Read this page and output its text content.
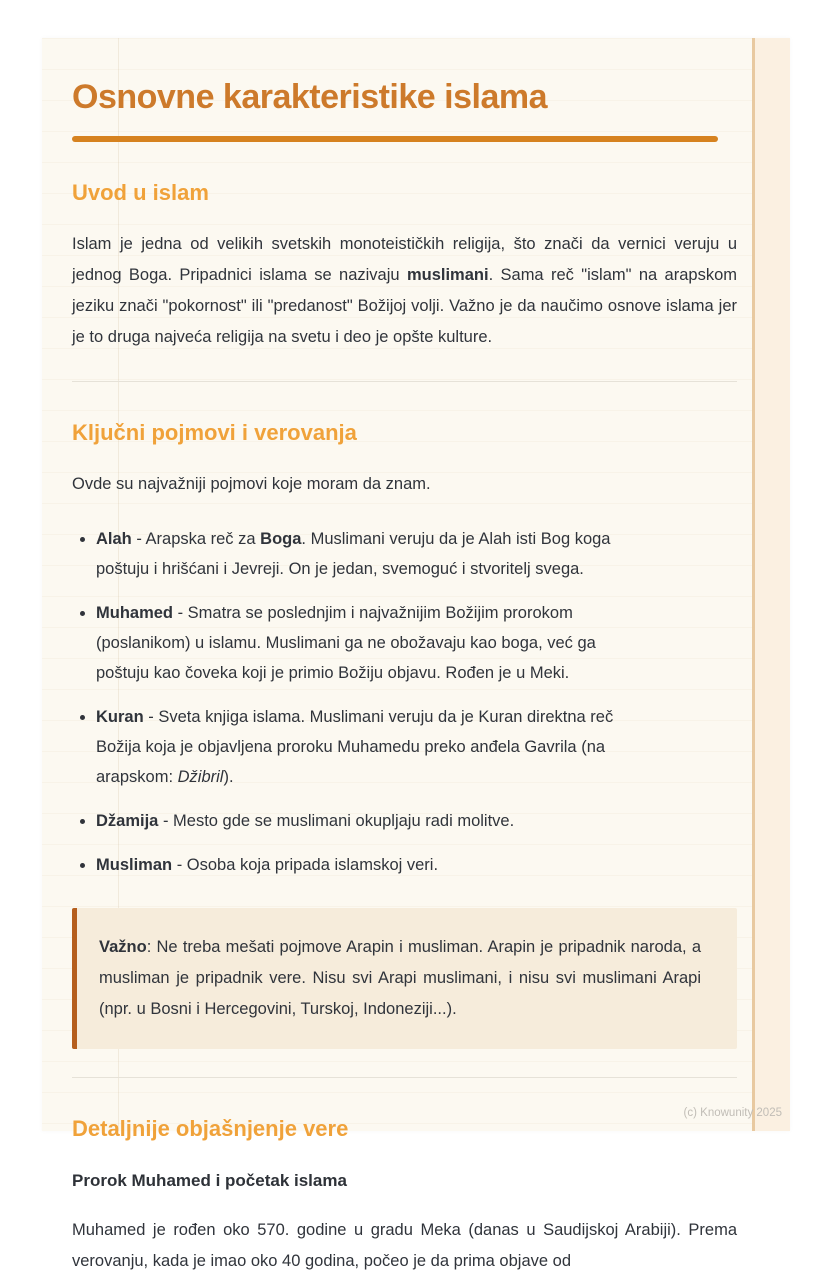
Osnovne karakteristike islama
Uvod u islam

Islam je jedna od velikih svetskih monoteističkih religija, što znači da vernici veruju u jednog Boga. Pripadnici islama se nazivaju muslimani. Sama reč "islam" na arapskom jeziku znači "pokornost" ili "predanost" Božijoj volji. Važno je da naučimo osnove islama jer je to druga najveća religija na svetu i deo je opšte kulture.

Ključni pojmovi i verovanja

Ovde su najvažniji pojmovi koje moram da znam.

• Alah - Arapska reč za Boga. Muslimani veruju da je Alah isti Bog koga poštuju i hrišćani i Jevreji. On je jedan, svemoguć i stvoritelj svega.
• Muhamed - Smatra se poslednjim i najvažnijim Božijim prorokom (poslanikom) u islamu. Muslimani ga ne obožavaju kao boga, već ga poštuju kao čoveka koji je primio Božiju objavu. Rođen je u Meki.
• Kuran - Sveta knjiga islama. Muslimani veruju da je Kuran direktna reč Božija koja je objavljena proroku Muhamedu preko anđela Gavrila (na arapskom: Džibril).
• Džamija - Mesto gde se muslimani okupljaju radi molitve.
• Musliman - Osoba koja pripada islamskoj veri.

Važno: Ne treba mešati pojmove Arapin i musliman. Arapin je pripadnik naroda, a musliman je pripadnik vere. Nisu svi Arapi muslimani, i nisu svi muslimani Arapi (npr. u Bosni i Hercegovini, Turskoj, Indoneziji...).

Detaljnije objašnjenje vere
Prorok Muhamed i početak islama

Muhamed je rođen oko 570. godine u gradu Meka (danas u Saudijskoj Arabiji). Prema verovanju, kada je imao oko 40 godina, počeo je da prima objave od

(c) Knowunity 2025
